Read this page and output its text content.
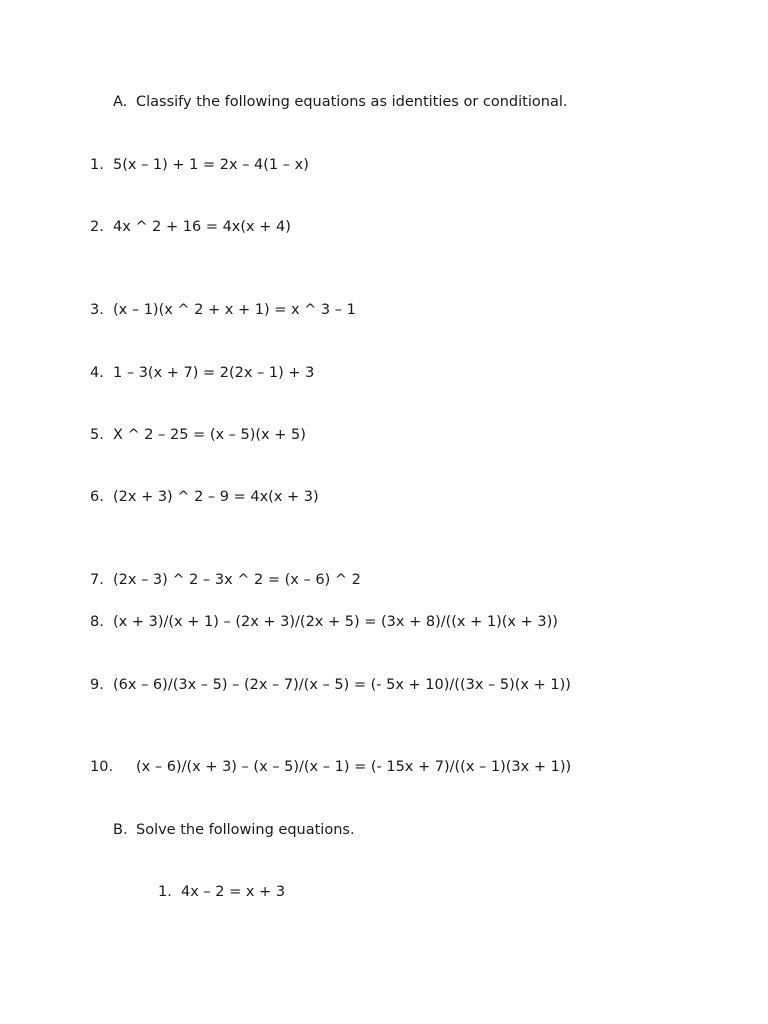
A. Classify the following equations as identities or conditional.
1. 5(x – 1) + 1 = 2x – 4(1 – x)
2. 4x ^ 2 + 16 = 4x(x + 4)
3. (x – 1)(x ^ 2 + x + 1) = x ^ 3 – 1
4. 1 – 3(x + 7) = 2(2x – 1) + 3
5. X ^ 2 – 25 = (x – 5)(x + 5)
6. (2x + 3) ^ 2 – 9 = 4x(x + 3)
7. (2x – 3) ^ 2 – 3x ^ 2 = (x – 6) ^ 2
8. (x + 3)/(x + 1) – (2x + 3)/(2x + 5) = (3x + 8)/((x + 1)(x + 3))
9. (6x – 6)/(3x – 5) – (2x – 7)/(x – 5) = (- 5x + 10)/((3x – 5)(x + 1))
10. (x – 6)/(x + 3) – (x – 5)/(x – 1) = (- 15x + 7)/((x – 1)(3x + 1))
B. Solve the following equations.
1. 4x – 2 = x + 3
